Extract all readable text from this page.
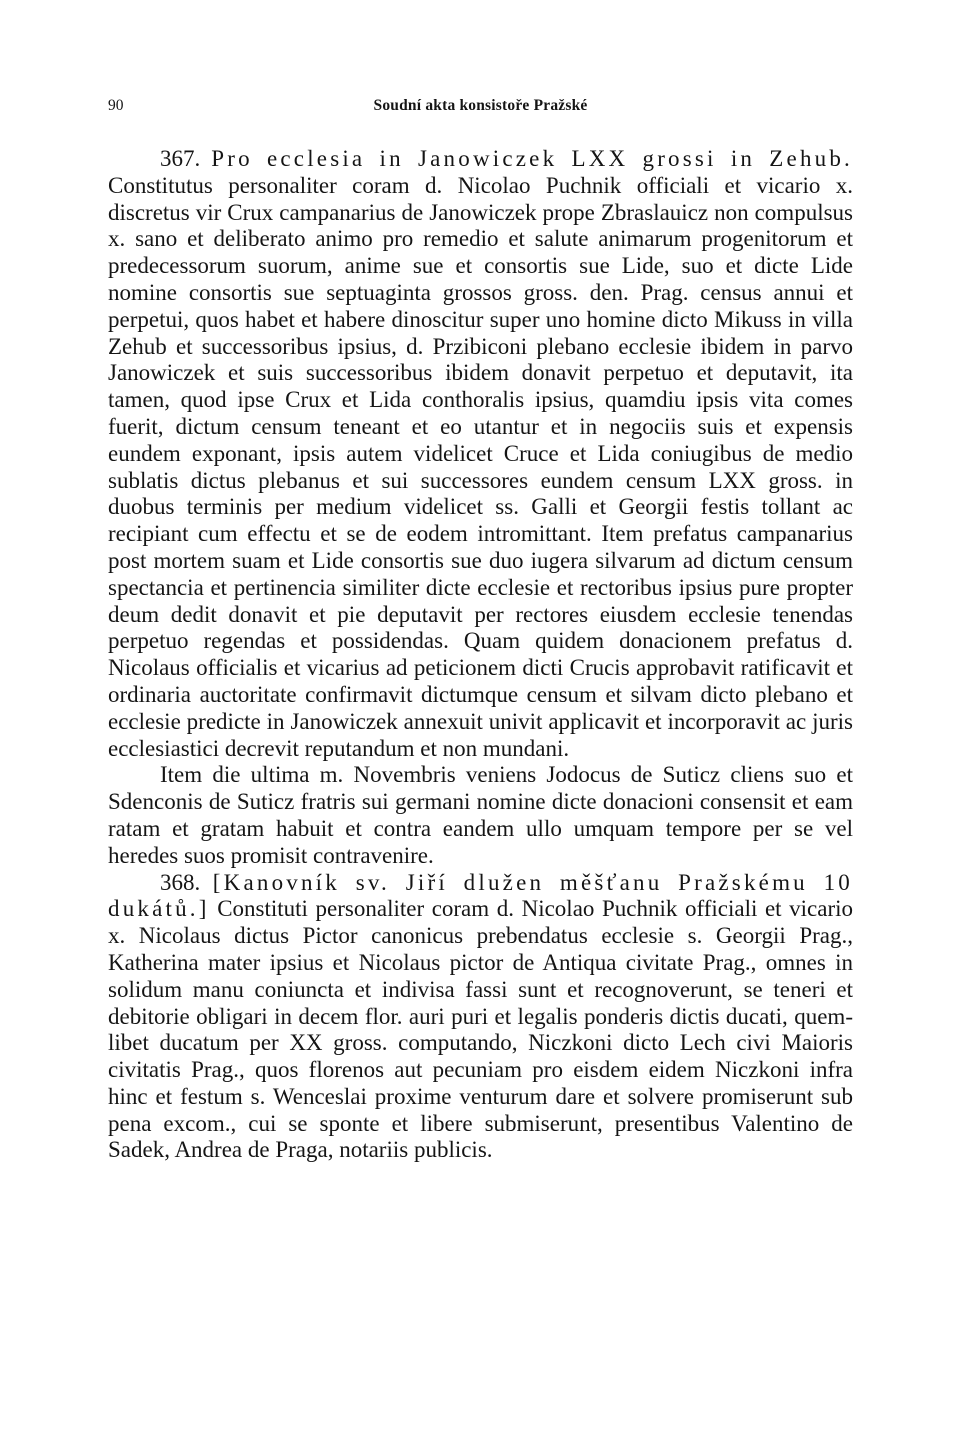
90	Soudní akta konsistoře Pražské

367. Pro ecclesia in Janowiczek LXX grossi in Zehub. Constitutus personaliter coram d. Nicolao Puchnik officiali et vicario x. discretus vir Crux campanarius de Janowiczek prope Zbraslauicz non compulsus x. sano et deliberato animo pro remedio et salute animarum progenitorum et predecessorum suorum, anime sue et consortis sue Lide, suo et dicte Lide nomine consortis sue septuaginta grossos gross. den. Prag. census annui et perpetui, quos habet et habere dinoscitur super uno homine dicto Mikuss in villa Zehub et successoribus ipsius, d. Przibiconi plebano ecclesie ibidem in parvo Janowiczek et suis successoribus ibidem donavit perpetuo et deputavit, ita tamen, quod ipse Crux et Lida conthoralis ipsius, quamdiu ipsis vita comes fuerit, dictum censum teneant et eo utantur et in negociis suis et expensis eundem exponant, ipsis autem videlicet Cruce et Lida coniugibus de medio sublatis dictus plebanus et sui successores eundem censum LXX gross. in duobus terminis per medium videlicet ss. Galli et Georgii festis tollant ac recipiant cum effectu et se de eodem intromittant. Item prefatus campanarius post mortem suam et Lide consortis sue duo iugera silvarum ad dictum censum spectancia et pertinencia similiter dicte ecclesie et rectoribus ipsius pure propter deum dedit donavit et pie deputavit per rectores eiusdem ecclesie tenendas perpetuo regendas et possidendas. Quam quidem donacionem prefatus d. Nicolaus officialis et vicarius ad peticionem dicti Crucis approbavit ratificavit et ordinaria auctoritate confirmavit dictumque censum et silvam dicto plebano et ecclesie predicte in Janowiczek annexuit univit applicavit et incorporavit ac juris ecclesiastici decrevit reputandum et non mundani.

Item die ultima m. Novembris veniens Jodocus de Suticz cliens suo et Sdenconis de Suticz fratris sui germani nomine dicte donacioni consensit et eam ratam et gratam habuit et contra eandem ullo umquam tempore per se vel heredes suos promisit contravenire.

368. [Kanovník sv. Jiří dlužen měšťanu Pražskému 10 dukátů.] Constituti personaliter coram d. Nicolao Puchnik officiali et vicario x. Nicolaus dictus Pictor canonicus prebendatus ecclesie s. Georgii Prag., Katherina mater ipsius et Nicolaus pictor de Antiqua civitate Prag., omnes in solidum manu coniuncta et indivisa fassi sunt et recognoverunt, se teneri et debitorie obligari in decem flor. auri puri et legalis ponderis dictis ducati, quemlibet ducatum per XX gross. computando, Niczkoni dicto Lech civi Maioris civitatis Prag., quos florenos aut pecuniam pro eisdem eidem Niczkoni infra hinc et festum s. Wenceslai proxime venturum dare et solvere promiserunt sub pena excom., cui se sponte et libere submiserunt, presentibus Valentino de Sadek, Andrea de Praga, notariis publicis.
